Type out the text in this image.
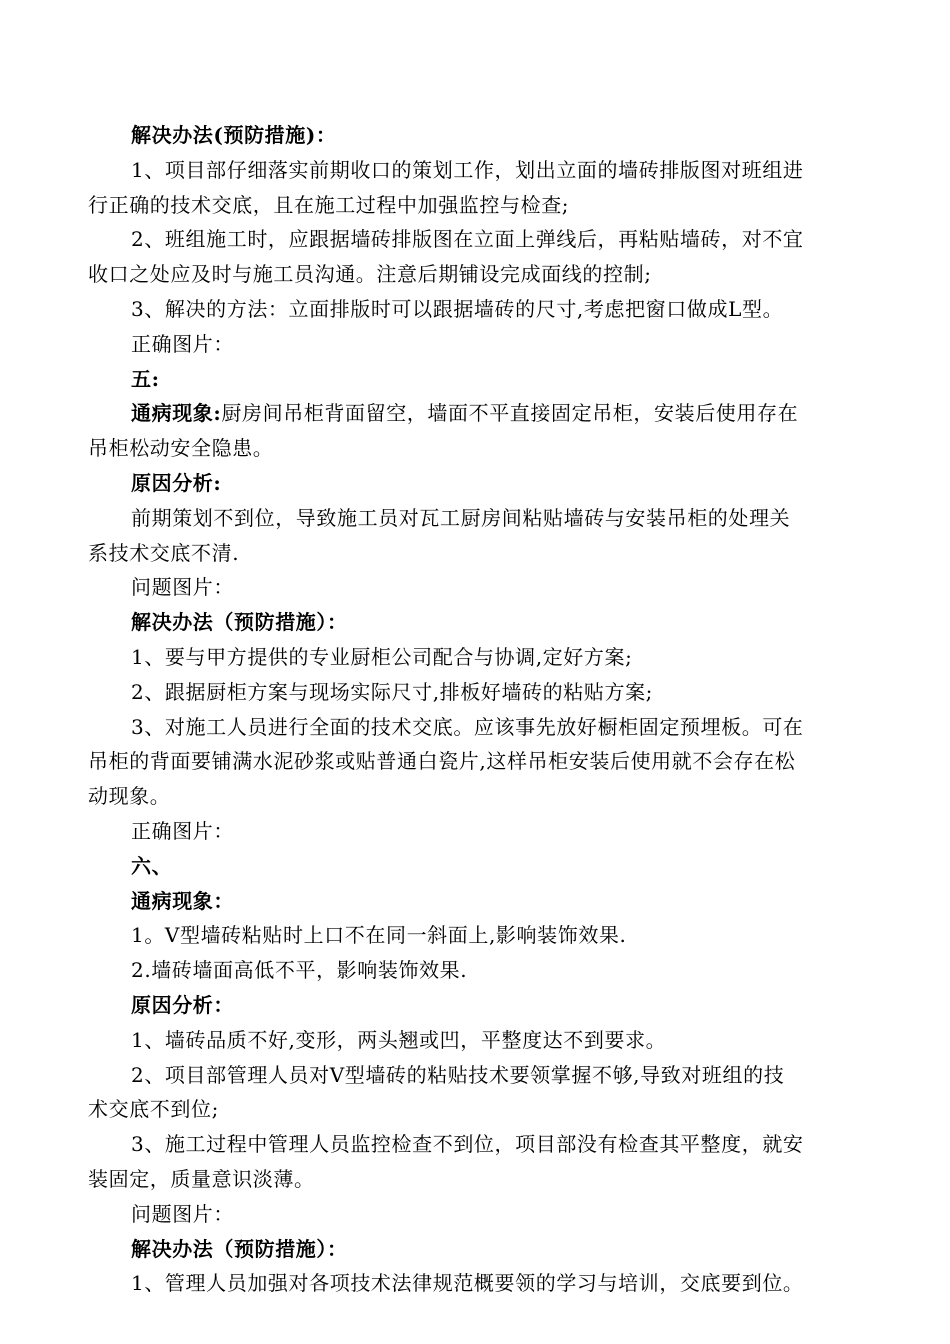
解决办法(预防措施)：
1、项目部仔细落实前期收口的策划工作，划出立面的墙砖排版图对班组进
行正确的技术交底，且在施工过程中加强监控与检查;
2、班组施工时，应跟据墙砖排版图在立面上弹线后，再粘贴墙砖，对不宜
收口之处应及时与施工员沟通。注意后期铺设完成面线的控制;
3、解决的方法：立面排版时可以跟据墙砖的尺寸,考虑把窗口做成L型。
正确图片：
五:
通病现象:厨房间吊柜背面留空，墙面不平直接固定吊柜，安装后使用存在
吊柜松动安全隐患。
原因分析:
前期策划不到位，导致施工员对瓦工厨房间粘贴墙砖与安装吊柜的处理关
系技术交底不清.
问题图片：
解决办法（预防措施）：
1、要与甲方提供的专业厨柜公司配合与协调,定好方案;
2、跟据厨柜方案与现场实际尺寸,排板好墙砖的粘贴方案;
3、对施工人员进行全面的技术交底。应该事先放好橱柜固定预埋板。可在
吊柜的背面要铺满水泥砂浆或贴普通白瓷片,这样吊柜安装后使用就不会存在松
动现象。
正确图片：
六、
通病现象：
1。V型墙砖粘贴时上口不在同一斜面上,影响装饰效果.
2.墙砖墙面高低不平，影响装饰效果.
原因分析：
1、墙砖品质不好,变形，两头翘或凹，平整度达不到要求。
2、项目部管理人员对V型墙砖的粘贴技术要领掌握不够,导致对班组的技
术交底不到位;
3、施工过程中管理人员监控检查不到位，项目部没有检查其平整度，就安
装固定，质量意识淡薄。
问题图片：
解决办法（预防措施）：
1、管理人员加强对各项技术法律规范概要领的学习与培训，交底要到位。
